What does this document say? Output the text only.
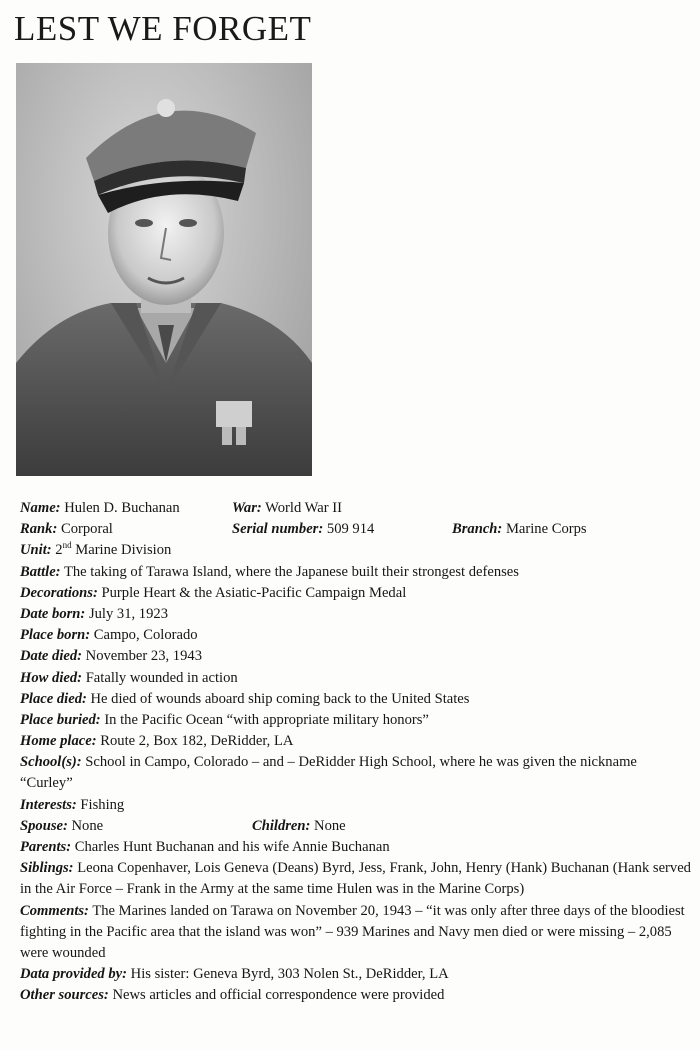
LEST WE FORGET
Name: Hulen D. Buchanan	War: World War II
Rank: Corporal	Serial number: 509 914	Branch: Marine Corps
Unit: 2nd Marine Division
Battle: The taking of Tarawa Island, where the Japanese built their strongest defenses
Decorations: Purple Heart & the Asiatic-Pacific Campaign Medal
Date born: July 31, 1923
Place born: Campo, Colorado
Date died: November 23, 1943
How died: Fatally wounded in action
Place died: He died of wounds aboard ship coming back to the United States
Place buried: In the Pacific Ocean “with appropriate military honors”
Home place: Route 2, Box 182, DeRidder, LA
School(s): School in Campo, Colorado – and – DeRidder High School, where he was given the nickname “Curley”
Interests: Fishing
Spouse: None	Children: None
Parents: Charles Hunt Buchanan and his wife Annie Buchanan
Siblings: Leona Copenhaver, Lois Geneva (Deans) Byrd, Jess, Frank, John, Henry (Hank) Buchanan (Hank served in the Air Force – Frank in the Army at the same time Hulen was in the Marine Corps)
Comments: The Marines landed on Tarawa on November 20, 1943 – “it was only after three days of the bloodiest fighting in the Pacific area that the island was won” – 939 Marines and Navy men died or were missing – 2,085 were wounded
Data provided by: His sister: Geneva Byrd, 303 Nolen St., DeRidder, LA
Other sources: News articles and official correspondence were provided
